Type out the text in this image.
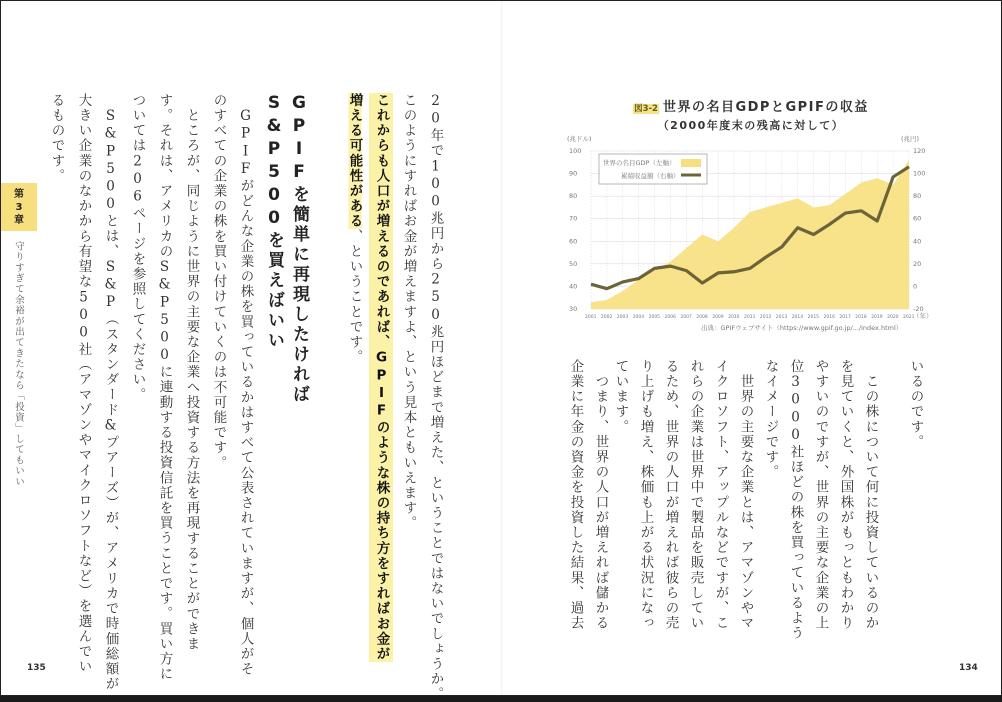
第
3
章
守りすぎて余裕が出てきたなら「投資」してもいい	20年で100兆円から250兆円ほどまで増えた、ということではないでしょうか。
このようにすればお金が増えますよ、という見本ともいえます。
これからも人口が増えるのであれば、GPIFのような株の持ち方をすればお金が
増える可能性がある、ということです。
GPIFを簡単に再現したければ
S&P500を買えばいい
　GPIFがどんな企業の株を買っているかはすべて公表されていますが、個人がそ
のすべての企業の株を買い付けていくのは不可能です。
　ところが、同じように世界の主要な企業へ投資する方法を再現することができま
す。それは、アメリカのS&P500に連動する投資信託を買うことです。買い方に
ついては206ページを参照してください。
　S&P500とは、S&P（スタンダード&プアーズ）が、アメリカで時価総額が
大きい企業のなかから有望な500社（アマゾンやマイクロソフトなど）を選んでい
るものです。
135
図3-2 世界の名目GDPとGPIFの収益
（2000年度末の残高に対して）
(兆ドル)	(兆円)
30
40
50
60
70
80
90
100
-20
0
20
40
60
80
100
120
2001 2002 2003 2004 2005 2006 2007 2008 2009 2010 2011 2012 2013 2014 2015 2016 2017 2018 2019 2020 2021
（年）
世界の名目GDP（左軸）
累積収益額（右軸）
出典：GPIFウェブサイト（https://www.gpif.go.jp/.../index.html）
いるのです。
　この株について何に投資しているのか
を見ていくと、外国株がもっともわかり
やすいのですが、世界の主要な企業の上
位3000社ほどの株を買っているよう
なイメージです。
　世界の主要な企業とは、アマゾンやマ
イクロソフト、アップルなどですが、こ
れらの企業は世界中で製品を販売してい
るため、世界の人口が増えれば彼らの売
り上げも増え、株価も上がる状況になっ
ています。
　つまり、世界の人口が増えれば儲かる
企業に年金の資金を投資した結果、過去
134
